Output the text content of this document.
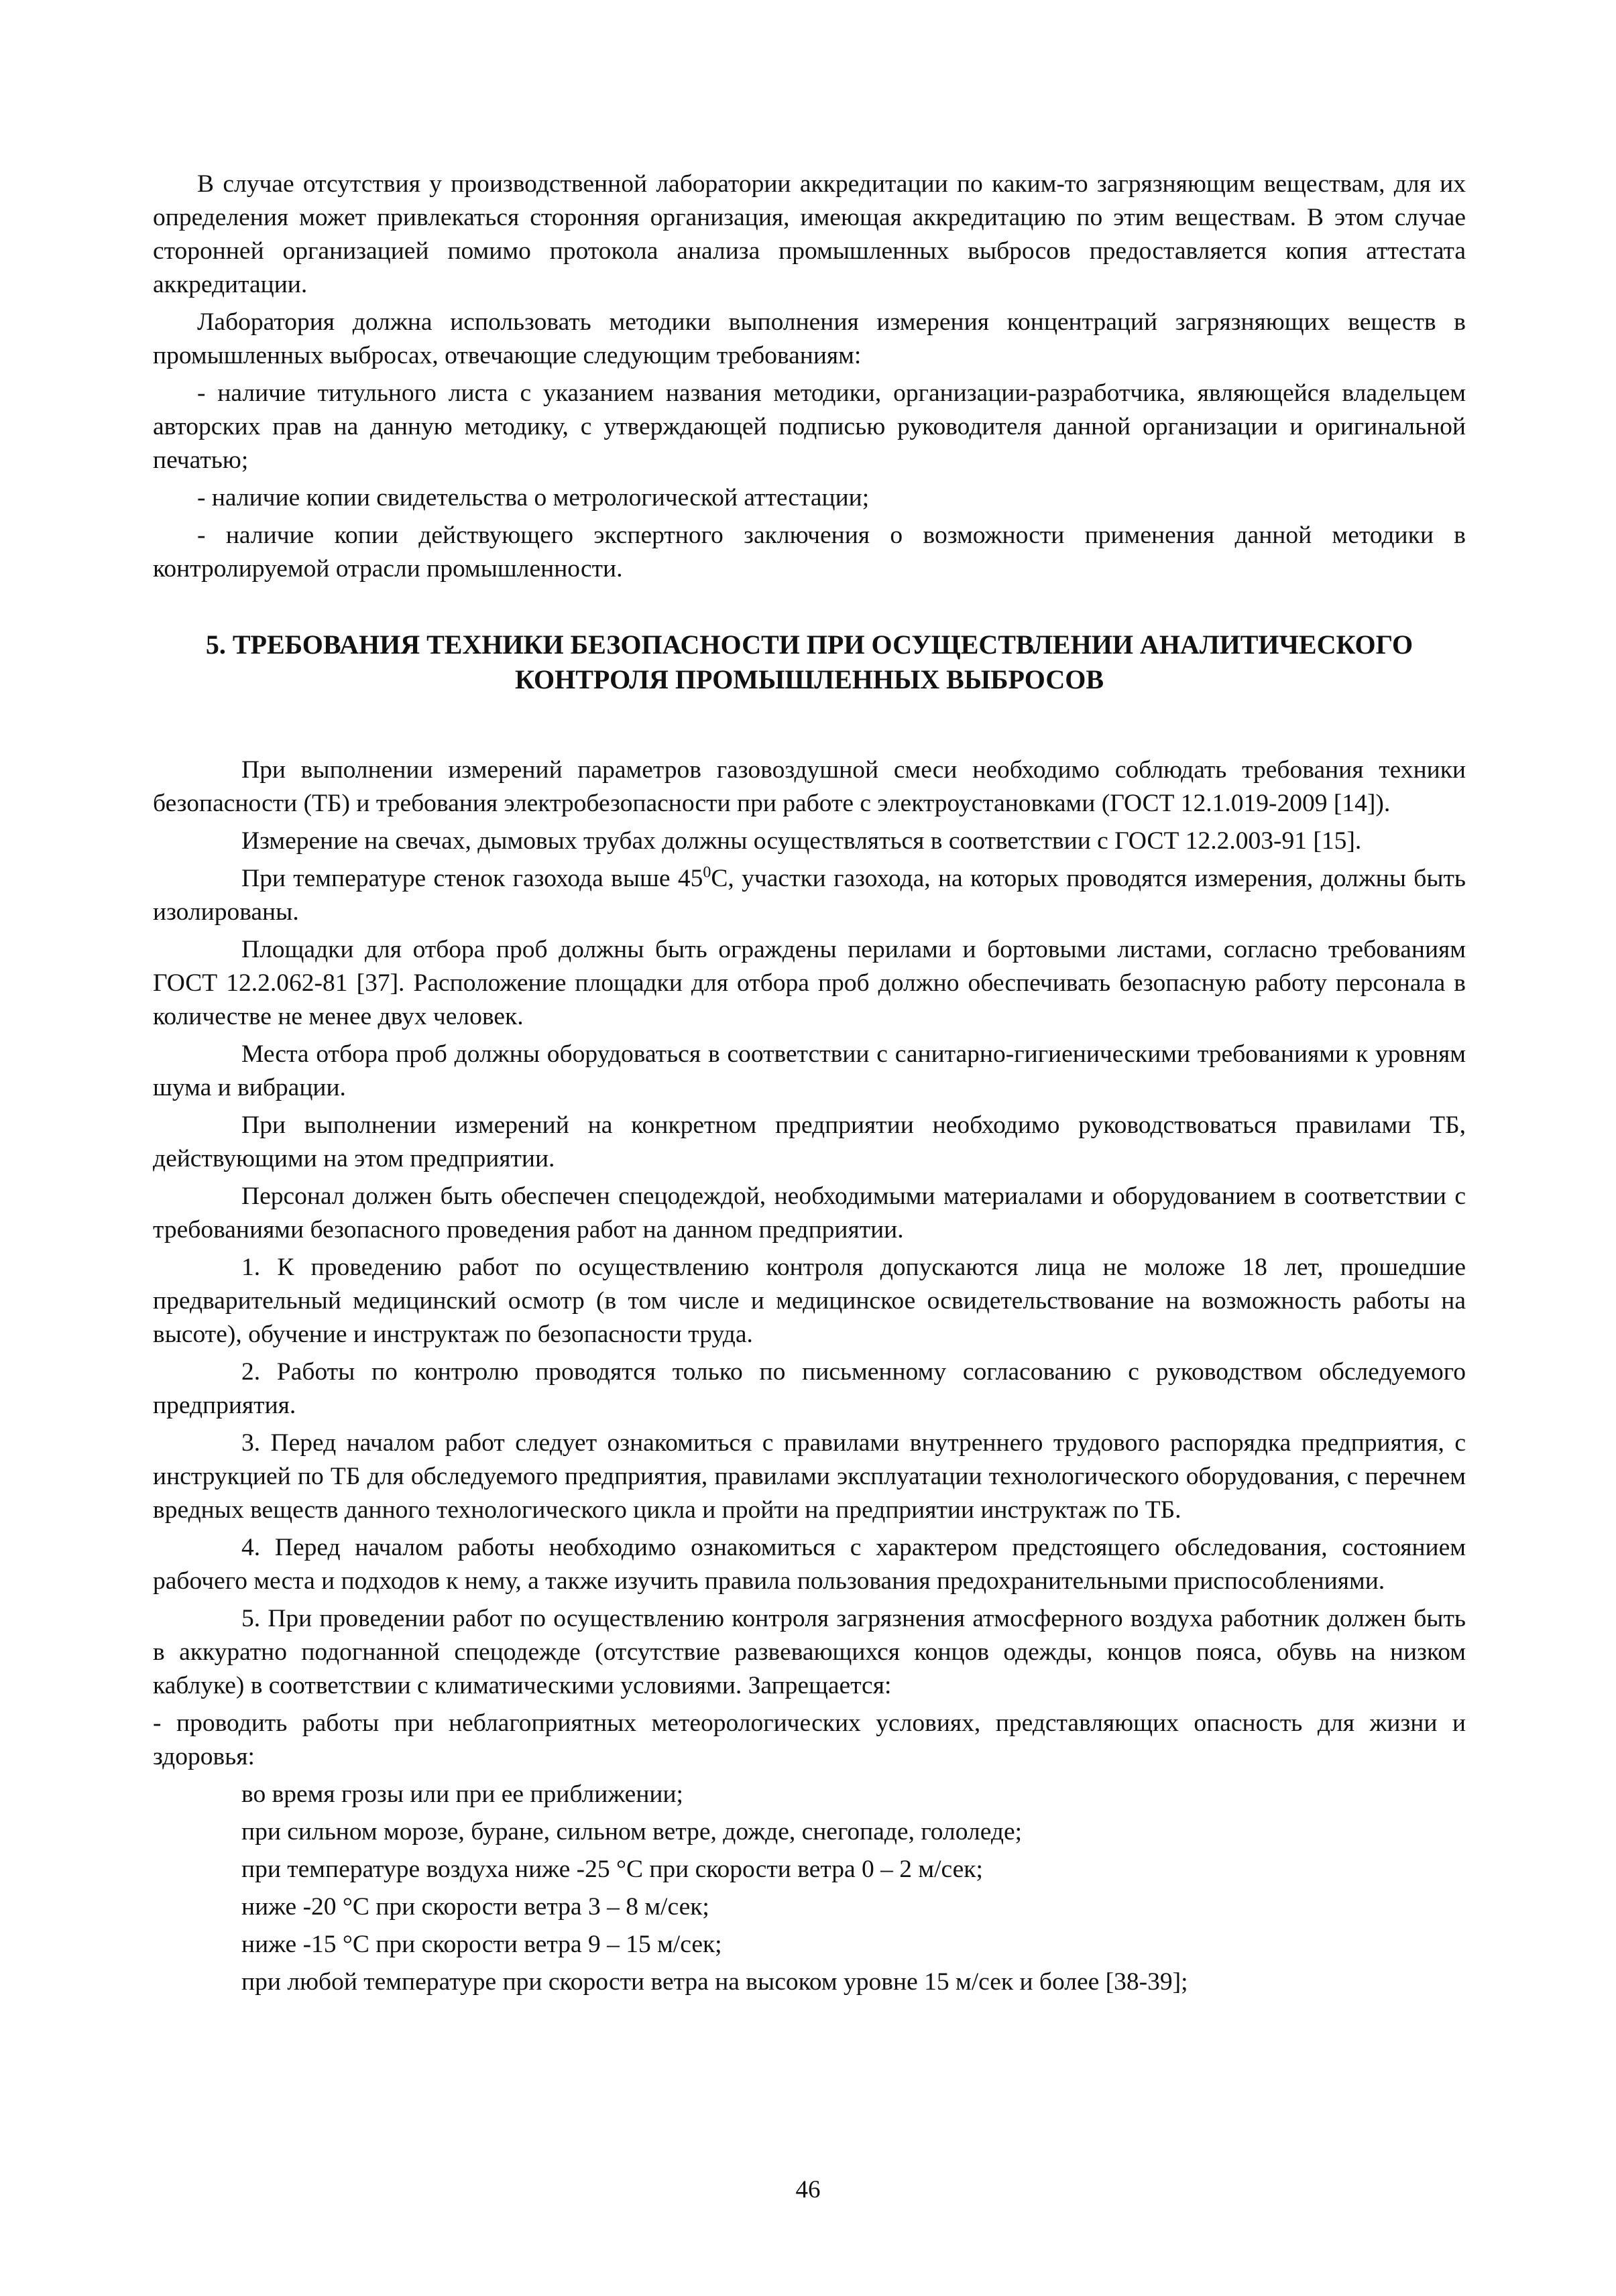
В случае отсутствия у производственной лаборатории аккредитации по каким-то загрязняющим веществам, для их определения может привлекаться сторонняя организация, имеющая аккредитацию по этим веществам. В этом случае сторонней организацией помимо протокола анализа промышленных выбросов предоставляется копия аттестата аккредитации.

Лаборатория должна использовать методики выполнения измерения концентраций загрязняющих веществ в промышленных выбросах, отвечающие следующим требованиям:

- наличие титульного листа с указанием названия методики, организации-разработчика, являющейся владельцем авторских прав на данную методику, с утверждающей подписью руководителя данной организации и оригинальной печатью;

- наличие копии свидетельства о метрологической аттестации;

- наличие копии действующего экспертного заключения о возможности применения данной методики в контролируемой отрасли промышленности.

5. ТРЕБОВАНИЯ ТЕХНИКИ БЕЗОПАСНОСТИ ПРИ ОСУЩЕСТВЛЕНИИ АНАЛИТИЧЕСКОГО
КОНТРОЛЯ ПРОМЫШЛЕННЫХ ВЫБРОСОВ

При выполнении измерений параметров газовоздушной смеси необходимо соблюдать требования техники безопасности (ТБ) и требования электробезопасности при работе с электроустановками (ГОСТ 12.1.019-2009 [14]).

Измерение на свечах, дымовых трубах должны осуществляться в соответствии с ГОСТ 12.2.003-91 [15].

При температуре стенок газохода выше $45^0С$, участки газохода, на которых проводятся измерения, должны быть изолированы.

Площадки для отбора проб должны быть ограждены перилами и бортовыми листами, согласно требованиям ГОСТ 12.2.062-81 [37]. Расположение площадки для отбора проб должно обеспечивать безопасную работу персонала в количестве не менее двух человек.

Места отбора проб должны оборудоваться в соответствии с санитарно-гигиеническими требованиями к уровням шума и вибрации.

При выполнении измерений на конкретном предприятии необходимо руководствоваться правилами ТБ, действующими на этом предприятии.

Персонал должен быть обеспечен спецодеждой, необходимыми материалами и оборудованием в соответствии с требованиями безопасного проведения работ на данном предприятии.

1. К проведению работ по осуществлению контроля допускаются лица не моложе 18 лет, прошедшие предварительный медицинский осмотр (в том числе и медицинское освидетельствование на возможность работы на высоте), обучение и инструктаж по безопасности труда.

2. Работы по контролю проводятся только по письменному согласованию с руководством обследуемого предприятия.

3. Перед началом работ следует ознакомиться с правилами внутреннего трудового распорядка предприятия, с инструкцией по ТБ для обследуемого предприятия, правилами эксплуатации технологического оборудования, с перечнем вредных веществ данного технологического цикла и пройти на предприятии инструктаж по ТБ.

4. Перед началом работы необходимо ознакомиться с характером предстоящего обследования, состоянием рабочего места и подходов к нему, а также изучить правила пользования предохранительными приспособлениями.

5. При проведении работ по осуществлению контроля загрязнения атмосферного воздуха работник должен быть в аккуратно подогнанной спецодежде (отсутствие развевающихся концов одежды, концов пояса, обувь на низком каблуке) в соответствии с климатическими условиями. Запрещается:

- проводить работы при неблагоприятных метеорологических условиях, представляющих опасность для жизни и здоровья:

во время грозы или при ее приближении;

при сильном морозе, буране, сильном ветре, дожде, снегопаде, гололеде;

при температуре воздуха ниже -25 °С при скорости ветра 0 – 2 м/сек;

ниже -20 °С при скорости ветра 3 – 8 м/сек;

ниже -15 °С при скорости ветра 9 – 15 м/сек;

при любой температуре при скорости ветра на высоком уровне 15 м/сек и более [38-39];

46
